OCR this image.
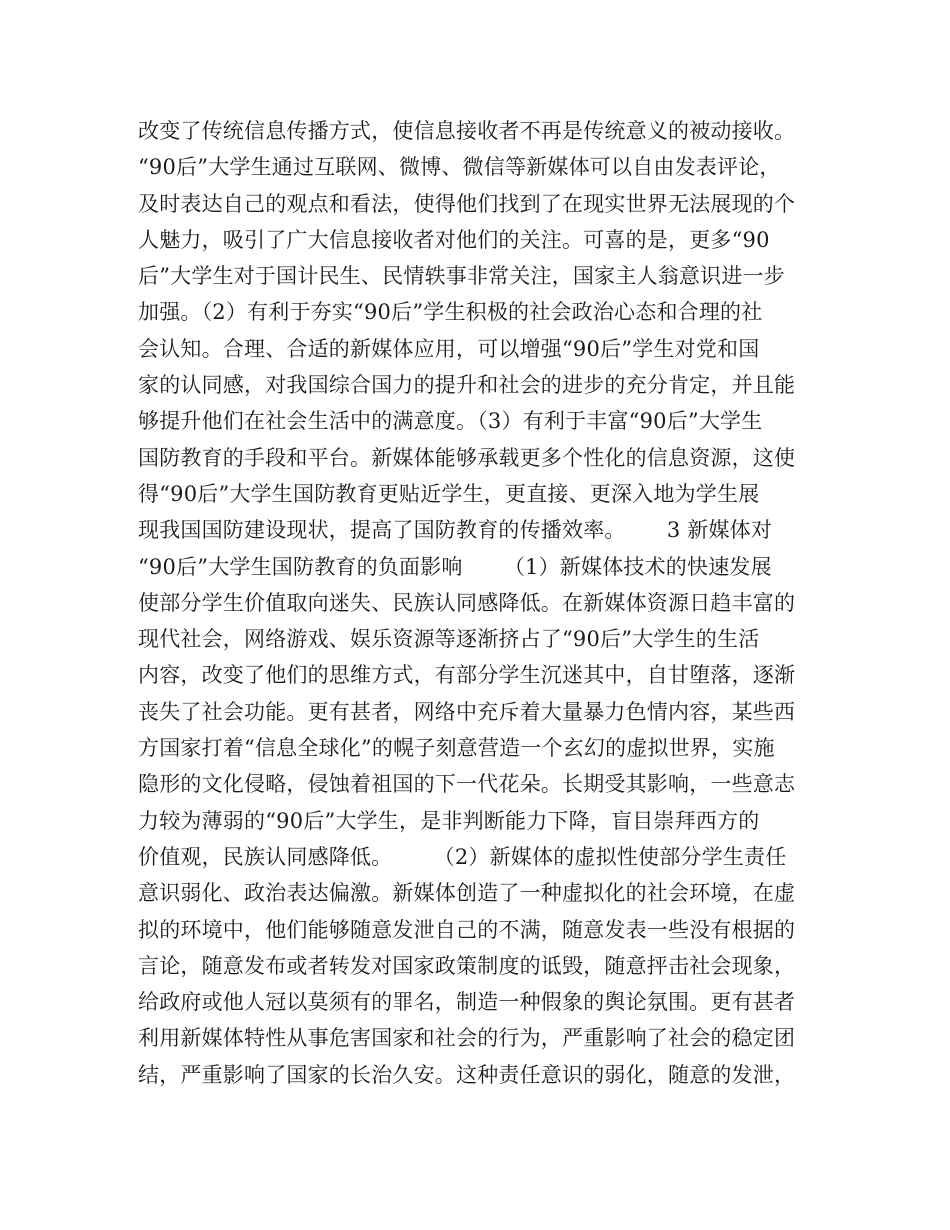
改变了传统信息传播方式，使信息接收者不再是传统意义的被动接收。
“90后”大学生通过互联网、微博、微信等新媒体可以自由发表评论，
及时表达自己的观点和看法，使得他们找到了在现实世界无法展现的个
人魅力，吸引了广大信息接收者对他们的关注。可喜的是，更多“90
后”大学生对于国计民生、民情轶事非常关注，国家主人翁意识进一步
加强。（2）有利于夯实“90后”学生积极的社会政治心态和合理的社
会认知。合理、合适的新媒体应用，可以增强“90后”学生对党和国
家的认同感，对我国综合国力的提升和社会的进步的充分肯定，并且能
够提升他们在社会生活中的满意度。（3）有利于丰富“90后”大学生
国防教育的手段和平台。新媒体能够承载更多个性化的信息资源，这使
得“90后”大学生国防教育更贴近学生，更直接、更深入地为学生展
现我国国防建设现状，提高了国防教育的传播效率。      3 新媒体对
“90后”大学生国防教育的负面影响      （1）新媒体技术的快速发展
使部分学生价值取向迷失、民族认同感降低。在新媒体资源日趋丰富的
现代社会，网络游戏、娱乐资源等逐渐挤占了“90后”大学生的生活
内容，改变了他们的思维方式，有部分学生沉迷其中，自甘堕落，逐渐
丧失了社会功能。更有甚者，网络中充斥着大量暴力色情内容，某些西
方国家打着“信息全球化”的幌子刻意营造一个玄幻的虚拟世界，实施
隐形的文化侵略，侵蚀着祖国的下一代花朵。长期受其影响，一些意志
力较为薄弱的“90后”大学生，是非判断能力下降，盲目崇拜西方的
价值观，民族认同感降低。      （2）新媒体的虚拟性使部分学生责任
意识弱化、政治表达偏激。新媒体创造了一种虚拟化的社会环境，在虚
拟的环境中，他们能够随意发泄自己的不满，随意发表一些没有根据的
言论，随意发布或者转发对国家政策制度的诋毁，随意抨击社会现象，
给政府或他人冠以莫须有的罪名，制造一种假象的舆论氛围。更有甚者
利用新媒体特性从事危害国家和社会的行为，严重影响了社会的稳定团
结，严重影响了国家的长治久安。这种责任意识的弱化，随意的发泄，
